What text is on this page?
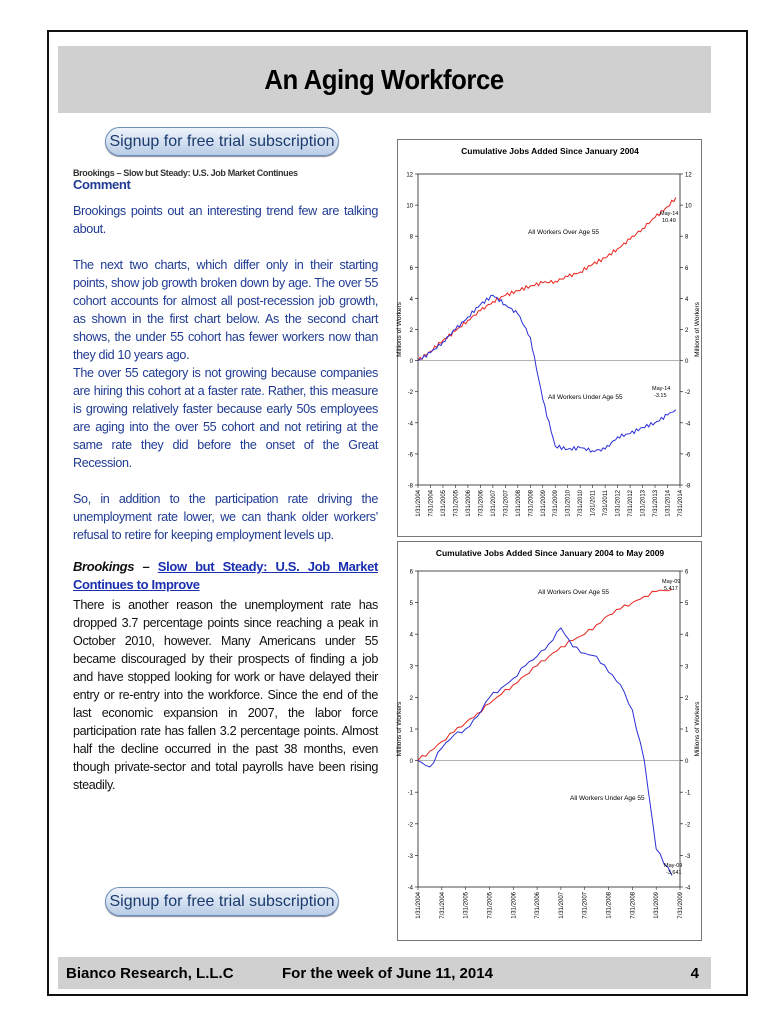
An Aging Workforce
Signup for free trial subscription
Brookings – Slow but Steady: U.S. Job Market Continues
Comment

Brookings points out an interesting trend few are talking about.

The next two charts, which differ only in their starting points, show job growth broken down by age. The over 55 cohort accounts for almost all post-recession job growth, as shown in the first chart below. As the second chart shows, the under 55 cohort has fewer workers now than they did 10 years ago.

The over 55 category is not growing because companies are hiring this cohort at a faster rate. Rather, this measure is growing relatively faster because early 50s employees are aging into the over 55 cohort and not retiring at the same rate they did before the onset of the Great Recession.

So, in addition to the participation rate driving the unemployment rate lower, we can thank older workers’ refusal to retire for keeping employment levels up.

Brookings – Slow but Steady: U.S. Job Market Continues to Improve

There is another reason the unemployment rate has dropped 3.7 percentage points since reaching a peak in October 2010, however. Many Americans under 55 became discouraged by their prospects of finding a job and have stopped looking for work or have delayed their entry or re-entry into the workforce. Since the end of the last economic expansion in 2007, the labor force participation rate has fallen 3.2 percentage points. Almost half the decline occurred in the past 38 months, even though private-sector and total payrolls have been rising steadily.

Cumulative Jobs Added Since January 2004
-8	-8
-6	-6
-4	-4
-2	-2
0	0
2	2
4	4
6	6
8	8
10	10
12	12
Millions of Workers	Millions of Workers
1/31/2004 7/31/2004 1/31/2005 7/31/2005 1/31/2006 7/31/2006 1/31/2007 7/31/2007 1/31/2008 7/31/2008 1/31/2009 7/31/2009 1/31/2010 7/31/2010 1/31/2011 7/31/2011 1/31/2012 7/31/2012 1/31/2013 7/31/2013 1/31/2014 7/31/2014
All Workers Over Age 55
All Workers Under Age 55
May-14
10.49
May-14
-3.15
Cumulative Jobs Added Since January 2004 to May 2009
-4	-4
-3	-3
-2	-2
-1	-1
0	0
1	1
2	2
3	3
4	4
5	5
6	6
Millions of Workers	Millions of Workers
1/31/2004	7/31/2004	1/31/2005	7/31/2005	1/31/2006	7/31/2006	1/31/2007	7/31/2007	1/31/2008	7/31/2008	1/31/2009	7/31/2009
All Workers Over Age 55
All Workers Under Age 55
May-09
5.417
May-09
-3.641
Signup for free trial subscription
Bianco Research, L.L.C	For the week of June 11, 2014	4
